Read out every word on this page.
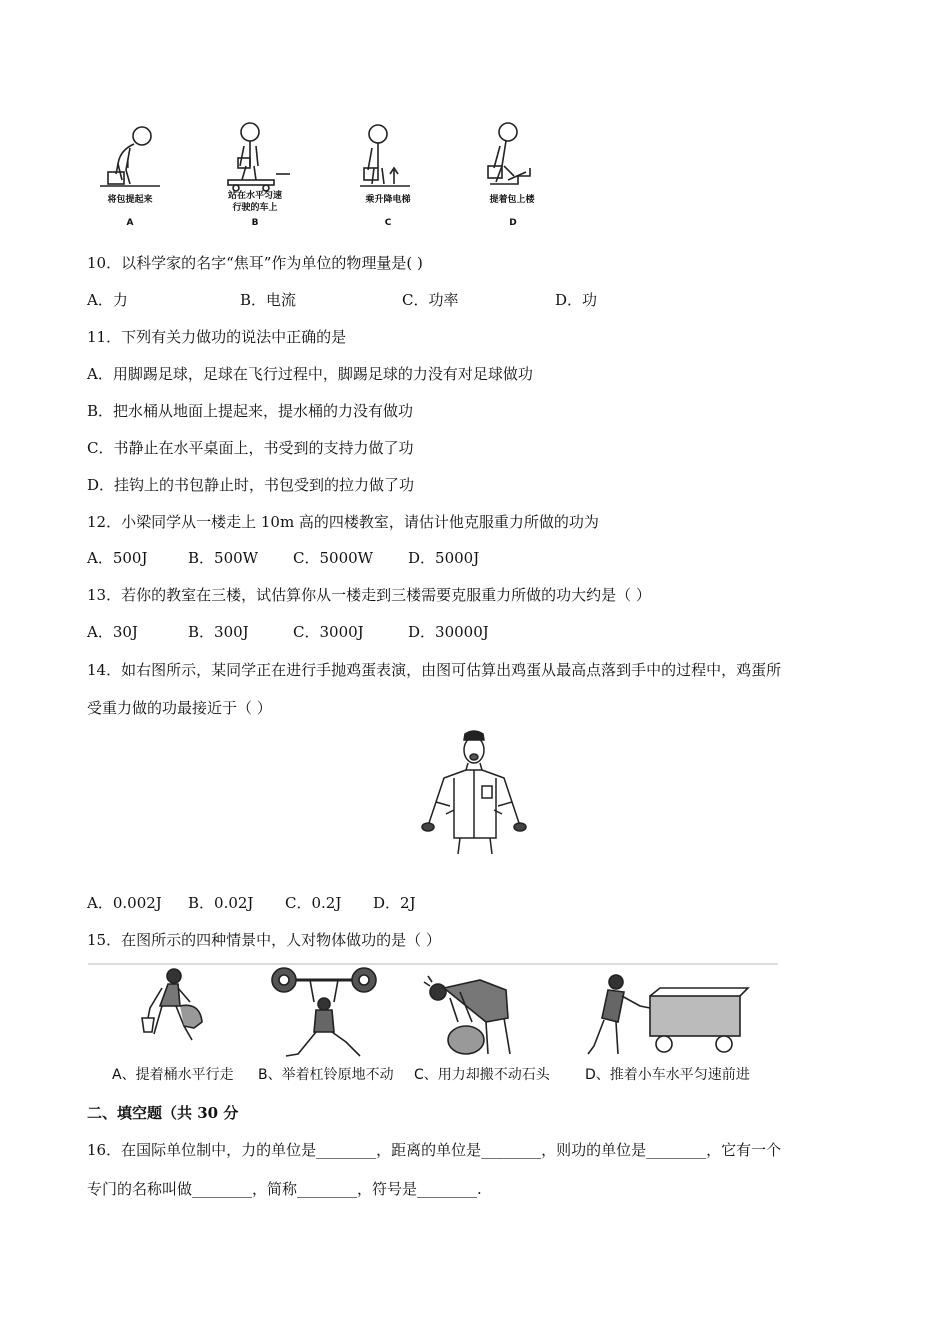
将包提起来	站在水平匀速
行驶的车上
乘升降电梯	提着包上楼
A	B	C	D
10．以科学家的名字“焦耳”作为单位的物理量是( )
A．力	B．电流	C．功率	D．功
11．下列有关力做功的说法中正确的是
A．用脚踢足球，足球在飞行过程中，脚踢足球的力没有对足球做功
B．把水桶从地面上提起来，提水桶的力没有做功
C．书静止在水平桌面上，书受到的支持力做了功
D．挂钩上的书包静止时，书包受到的拉力做了功
12．小梁同学从一楼走上 10m 高的四楼教室，请估计他克服重力所做的功为
A．500J	B．500W C．5000W D．5000J
13．若你的教室在三楼，试估算你从一楼走到三楼需要克服重力所做的功大约是（ ）
A．30J	B．300J	C．3000J	D．30000J
14．如右图所示，某同学正在进行手抛鸡蛋表演，由图可估算出鸡蛋从最高点落到手中的过程中，鸡蛋所
受重力做的功最接近于（ ）
A．0.002J B．0.02J C．0.2J D．2J
15．在图所示的四种情景中，人对物体做功的是（ ）
A、提着桶水平行走 B、举着杠铃原地不动 C、用力却搬不动石头	D、推着小车水平匀速前进
二、填空题（共 30 分
16．在国际单位制中，力的单位是________，距离的单位是________，则功的单位是________，它有一个
专门的名称叫做________，简称________，符号是________.
